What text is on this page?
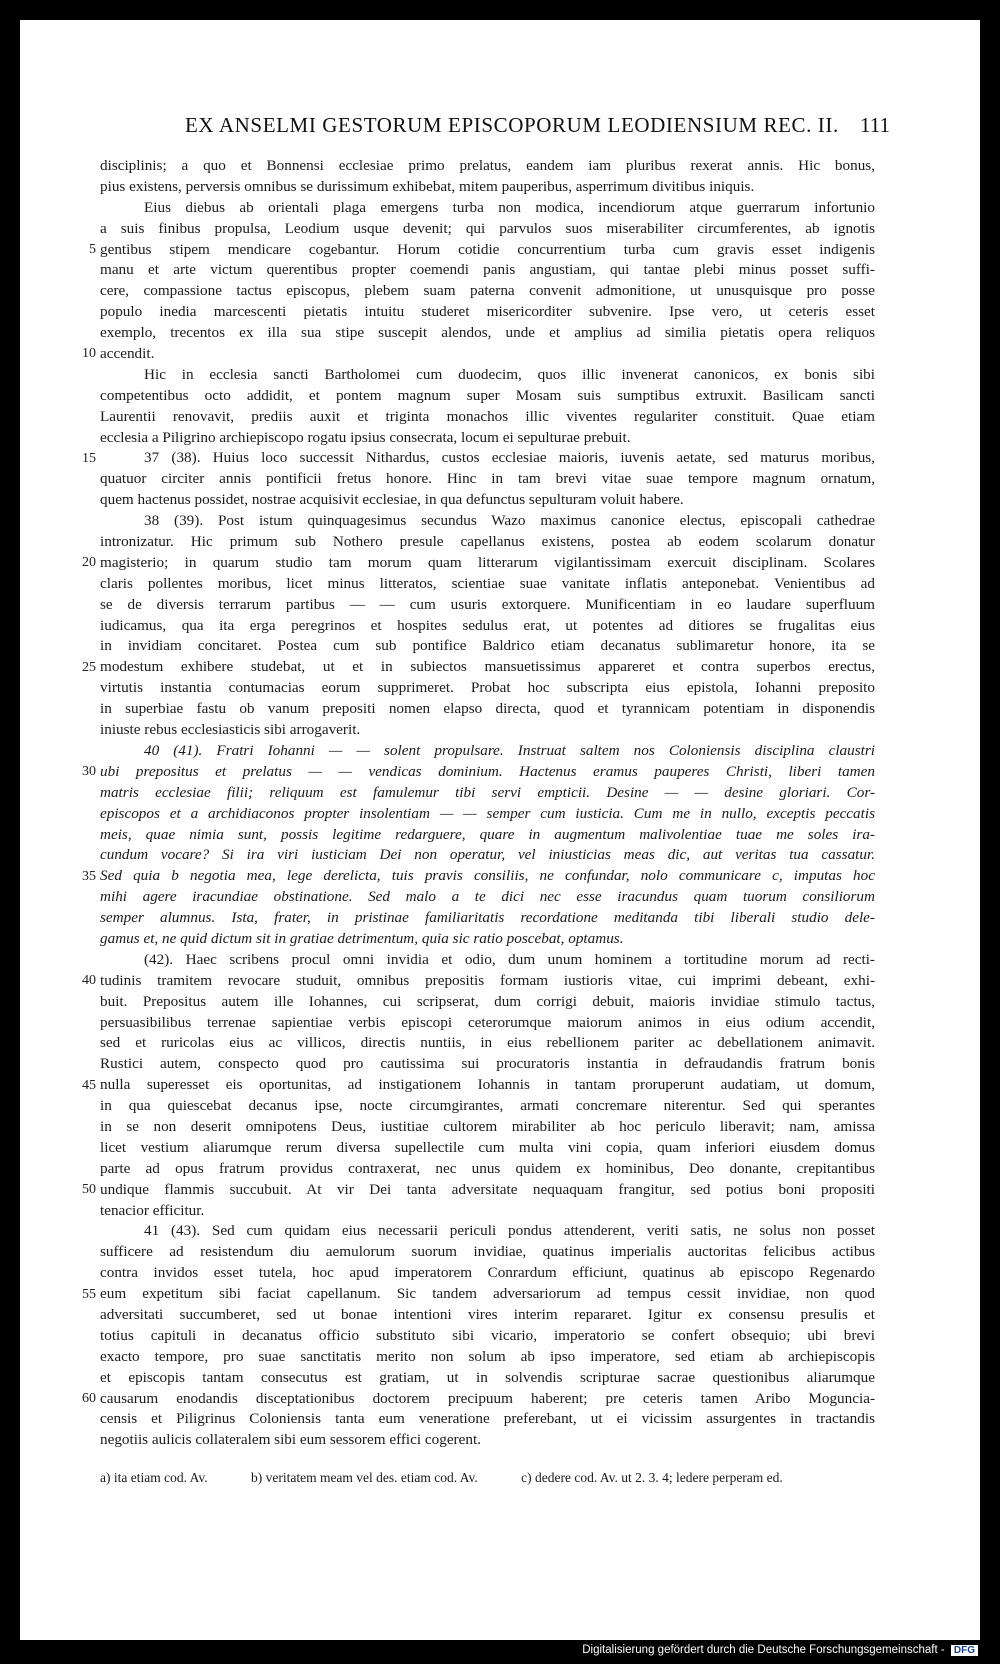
EX ANSELMI GESTORUM EPISCOPORUM LEODIENSIUM REC. II.	111
disciplinis; a quo et Bonnensi ecclesiae primo prelatus, eandem iam pluribus rexerat annis. Hic bonus,
pius existens, perversis omnibus se durissimum exhibebat, mitem pauperibus, asperrimum divitibus iniquis.
Eius diebus ab orientali plaga emergens turba non modica, incendiorum atque guerrarum infortunio
a suis finibus propulsa, Leodium usque devenit; qui parvulos suos miserabiliter circumferentes, ab ignotis
gentibus stipem mendicare cogebantur. Horum cotidie concurrentium turba cum gravis esset indigenis
manu et arte victum querentibus propter coemendi panis angustiam, qui tantae plebi minus posset suffi-
cere, compassione tactus episcopus, plebem suam paterna convenit admonitione, ut unusquisque pro posse
populo inedia marcescenti pietatis intuitu studeret misericorditer subvenire. Ipse vero, ut ceteris esset
exemplo, trecentos ex illa sua stipe suscepit alendos, unde et amplius ad similia pietatis opera reliquos
accendit.
Hic in ecclesia sancti Bartholomei cum duodecim, quos illic invenerat canonicos, ex bonis sibi
competentibus octo addidit, et pontem magnum super Mosam suis sumptibus extruxit. Basilicam sancti
Laurentii renovavit, prediis auxit et triginta monachos illic viventes regulariter constituit. Quae etiam
ecclesia a Piligrino archiepiscopo rogatu ipsius consecrata, locum ei sepulturae prebuit.
37 (38). Huius loco successit Nithardus, custos ecclesiae maioris, iuvenis aetate, sed maturus moribus,
quatuor circiter annis pontificii fretus honore. Hinc in tam brevi vitae suae tempore magnum ornatum,
quem hactenus possidet, nostrae acquisivit ecclesiae, in qua defunctus sepulturam voluit habere.
38 (39). Post istum quinquagesimus secundus Wazo maximus canonice electus, episcopali cathedrae
intronizatur. Hic primum sub Nothero presule capellanus existens, postea ab eodem scolarum donatur
magisterio; in quarum studio tam morum quam litterarum vigilantissimam exercuit disciplinam. Scolares
claris pollentes moribus, licet minus litteratos, scientiae suae vanitate inflatis anteponebat. Venientibus ad
se de diversis terrarum partibus — — cum usuris extorquere. Munificentiam in eo laudare superfluum
iudicamus, qua ita erga peregrinos et hospites sedulus erat, ut potentes ad ditiores se frugalitas eius
in invidiam concitaret. Postea cum sub pontifice Baldrico etiam decanatus sublimaretur honore, ita se
modestum exhibere studebat, ut et in subiectos mansuetissimus appareret et contra superbos erectus,
virtutis instantia contumacias eorum supprimeret. Probat hoc subscripta eius epistola, Iohanni preposito
in superbiae fastu ob vanum prepositi nomen elapso directa, quod et tyrannicam potentiam in disponendis
iniuste rebus ecclesiasticis sibi arrogaverit.
40 (41). Fratri Iohanni — — solent propulsare. Instruat saltem nos Coloniensis disciplina claustri
ubi prepositus et prelatus — — vendicas dominium. Hactenus eramus pauperes Christi, liberi tamen
matris ecclesiae filii; reliquum est famulemur tibi servi empticii. Desine — — desine gloriari. Cor-
episcopos et a archidiaconos propter insolentiam — — semper cum iusticia. Cum me in nullo, exceptis peccatis
meis, quae nimia sunt, possis legitime redarguere, quare in augmentum malivolentiae tuae me soles ira-
cundum vocare? Si ira viri iusticiam Dei non operatur, vel iniusticias meas dic, aut veritas tua cassatur.
Sed quia b negotia mea, lege derelicta, tuis pravis consiliis, ne confundar, nolo communicare c, imputas hoc
mihi agere iracundiae obstinatione. Sed malo a te dici nec esse iracundus quam tuorum consiliorum
semper alumnus. Ista, frater, in pristinae familiaritatis recordatione meditanda tibi liberali studio dele-
gamus et, ne quid dictum sit in gratiae detrimentum, quia sic ratio poscebat, optamus.
(42). Haec scribens procul omni invidia et odio, dum unum hominem a tortitudine morum ad recti-
tudinis tramitem revocare studuit, omnibus prepositis formam iustioris vitae, cui imprimi debeant, exhi-
buit. Prepositus autem ille Iohannes, cui scripserat, dum corrigi debuit, maioris invidiae stimulo tactus,
persuasibilibus terrenae sapientiae verbis episcopi ceterorumque maiorum animos in eius odium accendit,
sed et ruricolas eius ac villicos, directis nuntiis, in eius rebellionem pariter ac debellationem animavit.
Rustici autem, conspecto quod pro cautissima sui procuratoris instantia in defraudandis fratrum bonis
nulla superesset eis oportunitas, ad instigationem Iohannis in tantam proruperunt audatiam, ut domum,
in qua quiescebat decanus ipse, nocte circumgirantes, armati concremare niterentur. Sed qui sperantes
in se non deserit omnipotens Deus, iustitiae cultorem mirabiliter ab hoc periculo liberavit; nam, amissa
licet vestium aliarumque rerum diversa supellectile cum multa vini copia, quam inferiori eiusdem domus
parte ad opus fratrum providus contraxerat, nec unus quidem ex hominibus, Deo donante, crepitantibus
undique flammis succubuit. At vir Dei tanta adversitate nequaquam frangitur, sed potius boni propositi
tenacior efficitur.
41 (43). Sed cum quidam eius necessarii periculi pondus attenderent, veriti satis, ne solus non posset
sufficere ad resistendum diu aemulorum suorum invidiae, quatinus imperialis auctoritas felicibus actibus
contra invidos esset tutela, hoc apud imperatorem Conrardum efficiunt, quatinus ab episcopo Regenardo
eum expetitum sibi faciat capellanum. Sic tandem adversariorum ad tempus cessit invidiae, non quod
adversitati succumberet, sed ut bonae intentioni vires interim repararet. Igitur ex consensu presulis et
totius capituli in decanatus officio substituto sibi vicario, imperatorio se confert obsequio; ubi brevi
exacto tempore, pro suae sanctitatis merito non solum ab ipso imperatore, sed etiam ab archiepiscopis
et episcopis tantam consecutus est gratiam, ut in solvendis scripturae sacrae questionibus aliarumque
causarum enodandis disceptationibus doctorem precipuum haberent; pre ceteris tamen Aribo Moguncia-
censis et Piligrinus Coloniensis tanta eum veneratione preferebant, ut ei vicissim assurgentes in tractandis
negotiis aulicis collateralem sibi eum sessorem effici cogerent.
a) ita etiam cod. Av.	b) veritatem meam vel des. etiam cod. Av.	c) dedere cod. Av. ut 2. 3. 4; ledere perperam ed.
Digitalisierung gefördert durch die Deutsche Forschungsgemeinschaft - DFG
5
10
15
20
25
30
35
40
45
50
55
60
